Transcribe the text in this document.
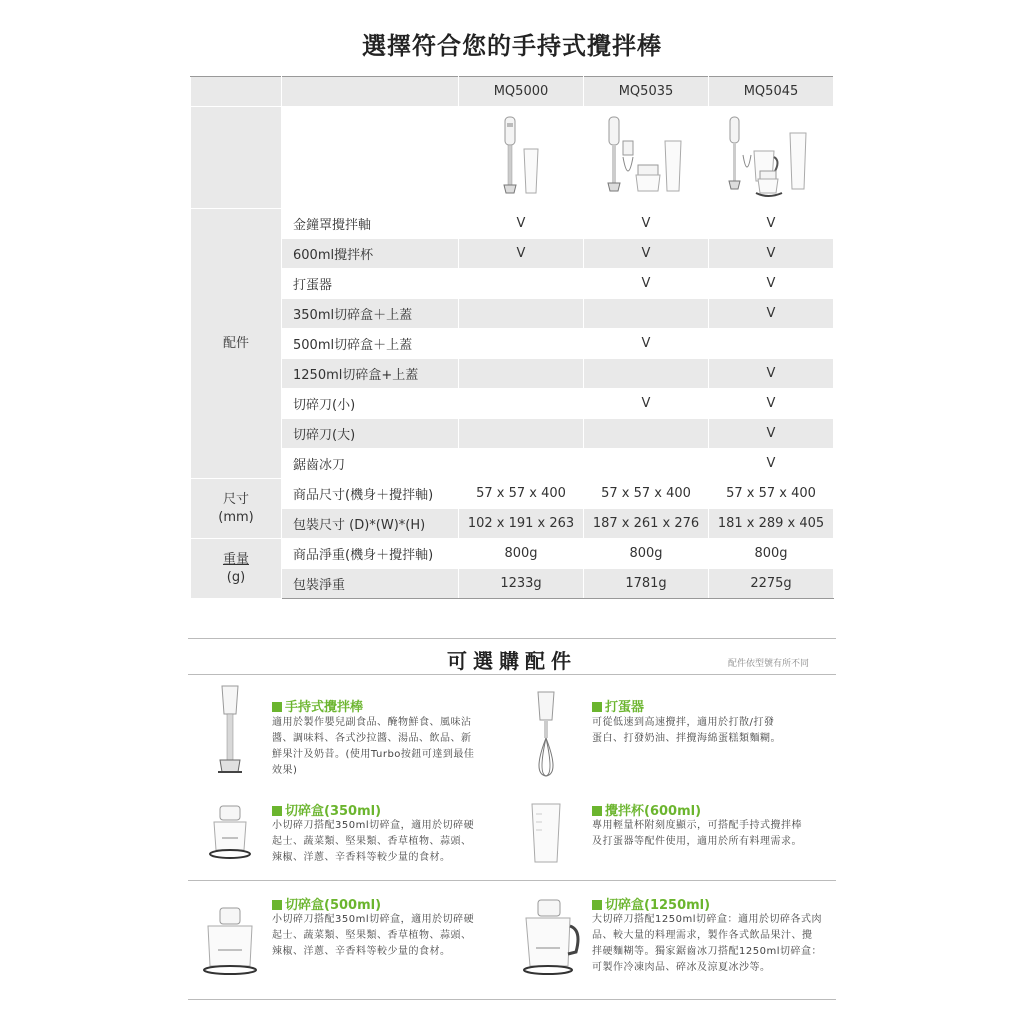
選擇符合您的手持式攪拌棒
		MQ5000	MQ5035	MQ5045

配件	金鐘罩攪拌軸	V	V	V
	600ml攪拌杯	V	V	V
	打蛋器		V	V
	350ml切碎盒＋上蓋			V
	500ml切碎盒＋上蓋		V	
	1250ml切碎盒+上蓋			V
	切碎刀(小)		V	V
	切碎刀(大)			V
	鋸齒冰刀			V
尺寸
(mm)	商品尺寸(機身＋攪拌軸)	57 x 57 x 400	57 x 57 x 400	57 x 57 x 400
	包裝尺寸 (D)*(W)*(H)	102 x 191 x 263	187 x 261 x 276	181 x 289 x 405
重量
(g)	商品淨重(機身＋攪拌軸)	800g	800g	800g
	包裝淨重	1233g	1781g	2275g
可選購配件	配件依型號有所不同
手持式攪拌棒
適用於製作嬰兒副食品、醃物鮮食、風味沾
醬、調味料、各式沙拉醬、湯品、飲品、新
鮮果汁及奶昔。(使用Turbo按鈕可達到最佳
效果)
打蛋器
可從低速到高速攪拌，適用於打散/打發
蛋白、打發奶油、拌攪海綿蛋糕類麵糊。
切碎盒(350ml)
小切碎刀搭配350ml切碎盒，適用於切碎硬
起士、蔬菜類、堅果類、香草植物、蒜頭、
辣椒、洋蔥、辛香料等較少量的食材。
攪拌杯(600ml)
專用輕量杯附刻度顯示，可搭配手持式攪拌棒
及打蛋器等配件使用，適用於所有料理需求。
切碎盒(500ml)
小切碎刀搭配350ml切碎盒，適用於切碎硬
起士、蔬菜類、堅果類、香草植物、蒜頭、
辣椒、洋蔥、辛香料等較少量的食材。
切碎盒(1250ml)
大切碎刀搭配1250ml切碎盒：適用於切碎各式肉
品、較大量的料理需求，製作各式飲品果汁、攪
拌硬麵糊等。獨家鋸齒冰刀搭配1250ml切碎盒：
可製作冷凍肉品、碎冰及涼夏冰沙等。
